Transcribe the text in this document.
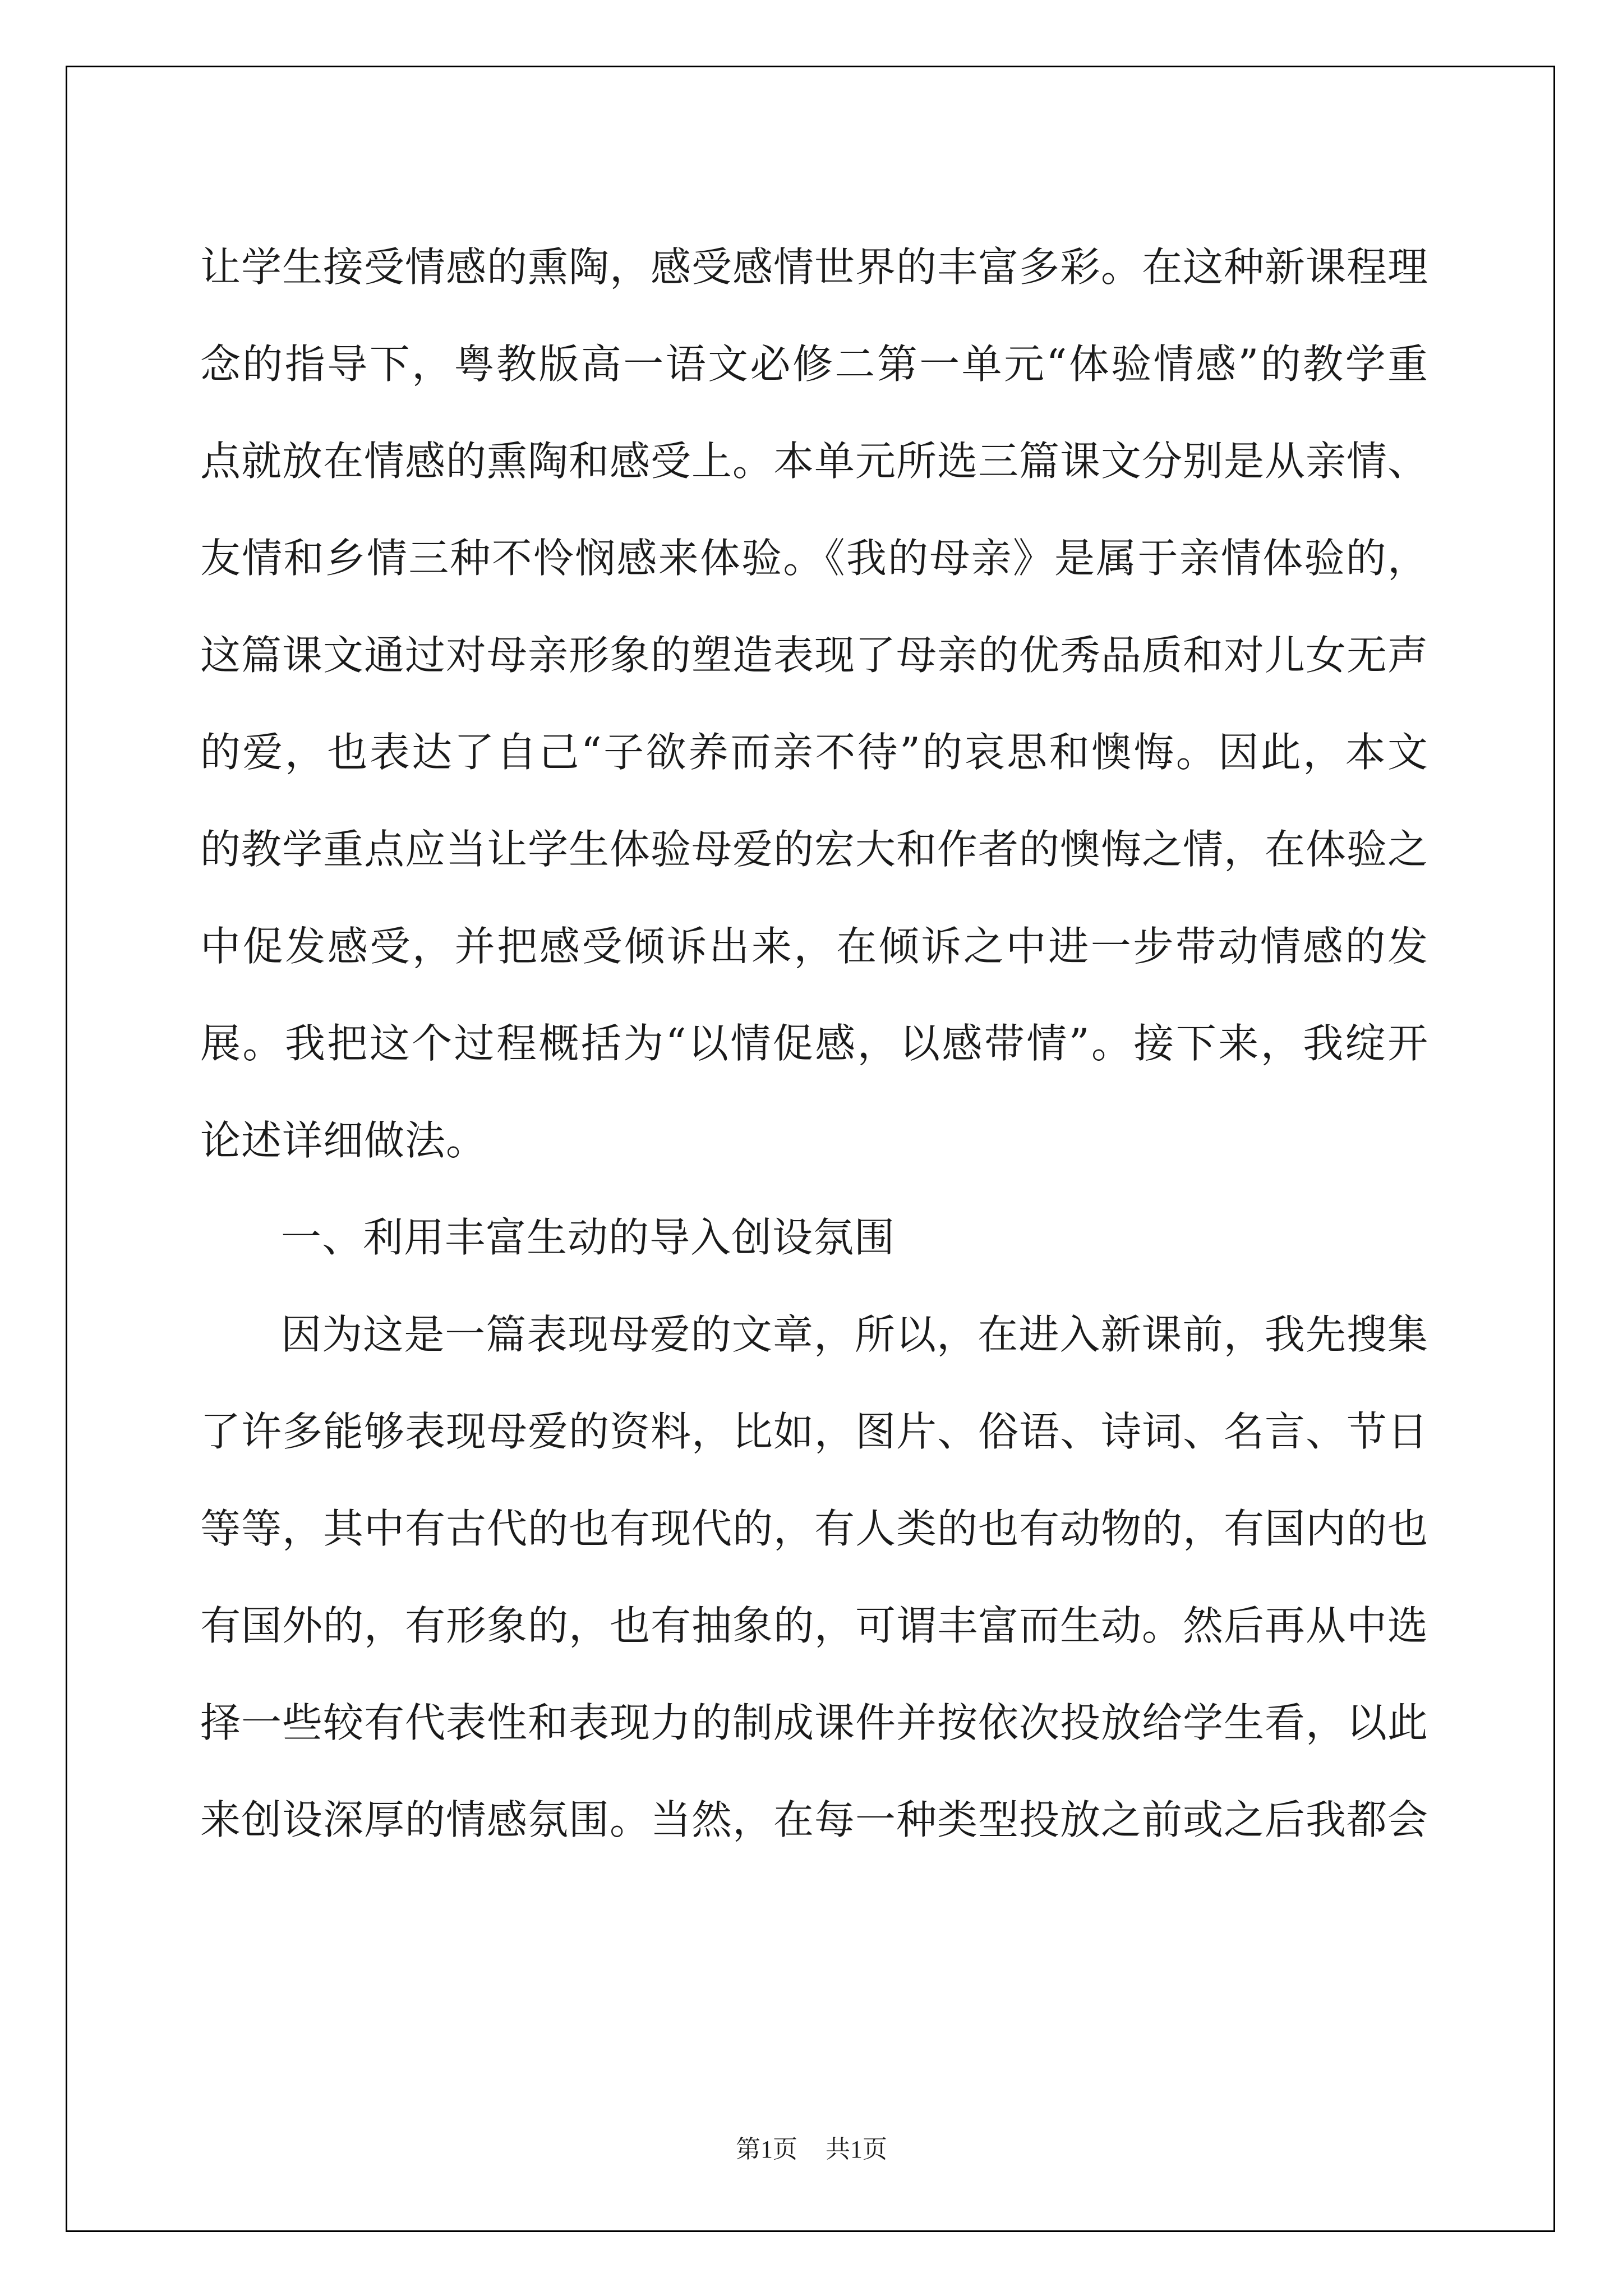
让学生接受情感的熏陶，感受感情世界的丰富多彩。在这种新课程理念的指导下，粤教版高一语文必修二第一单元“体验情感”的教学重点就放在情感的熏陶和感受上。本单元所选三篇课文分别是从亲情、友情和乡情三种不怜悯感来体验。《我的母亲》是属于亲情体验的，这篇课文通过对母亲形象的塑造表现了母亲的优秀品质和对儿女无声的爱，也表达了自己“子欲养而亲不待”的哀思和懊悔。因此，本文的教学重点应当让学生体验母爱的宏大和作者的懊悔之情，在体验之中促发感受，并把感受倾诉出来，在倾诉之中进一步带动情感的发展。我把这个过程概括为“以情促感，以感带情”。接下来，我绽开论述详细做法。

一、利用丰富生动的导入创设氛围

因为这是一篇表现母爱的文章，所以，在进入新课前，我先搜集了许多能够表现母爱的资料，比如，图片、俗语、诗词、名言、节日等等，其中有古代的也有现代的，有人类的也有动物的，有国内的也有国外的，有形象的，也有抽象的，可谓丰富而生动。然后再从中选择一些较有代表性和表现力的制成课件并按依次投放给学生看，以此来创设深厚的情感氛围。当然，在每一种类型投放之前或之后我都会

第1页 共1页
